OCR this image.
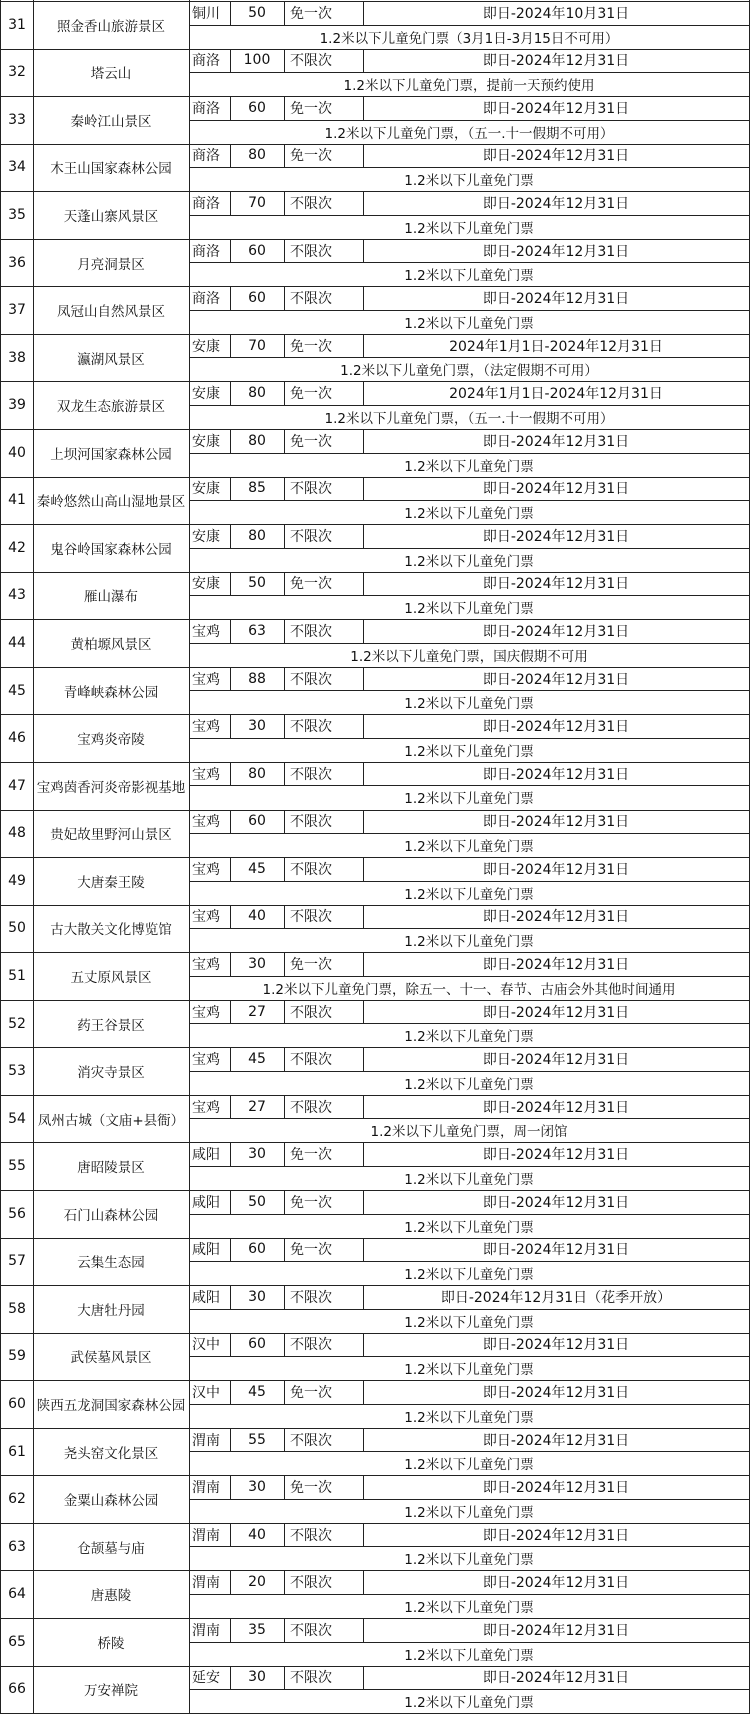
31	照金香山旅游景区
铜川	50	免一次	即日-2024年10月31日
1.2米以下儿童免门票（3月1日-3月15日不可用）
32	塔云山
商洛	100	不限次	即日-2024年12月31日
1.2米以下儿童免门票，提前一天预约使用
33	秦岭江山景区
商洛	60	免一次	即日-2024年12月31日
1.2米以下儿童免门票，（五一.十一假期不可用）
34	木王山国家森林公园
商洛	80	免一次	即日-2024年12月31日
1.2米以下儿童免门票
35	天蓬山寨风景区
商洛	70	不限次	即日-2024年12月31日
1.2米以下儿童免门票
36	月亮洞景区
商洛	60	不限次	即日-2024年12月31日
1.2米以下儿童免门票
37	凤冠山自然风景区
商洛	60	不限次	即日-2024年12月31日
1.2米以下儿童免门票
38	瀛湖风景区
安康	70	免一次	2024年1月1日-2024年12月31日
1.2米以下儿童免门票，（法定假期不可用）
39	双龙生态旅游景区
安康	80	免一次	2024年1月1日-2024年12月31日
1.2米以下儿童免门票，（五一.十一假期不可用）
40	上坝河国家森林公园
安康	80	免一次	即日-2024年12月31日
1.2米以下儿童免门票
41 秦岭悠然山高山湿地景区
安康	85	不限次	即日-2024年12月31日
1.2米以下儿童免门票
42	鬼谷岭国家森林公园
安康	80	不限次	即日-2024年12月31日
1.2米以下儿童免门票
43	雁山瀑布
安康	50	免一次	即日-2024年12月31日
1.2米以下儿童免门票
44	黄柏塬风景区
宝鸡	63	不限次	即日-2024年12月31日
1.2米以下儿童免门票，国庆假期不可用
45	青峰峡森林公园
宝鸡	88	不限次	即日-2024年12月31日
1.2米以下儿童免门票
46	宝鸡炎帝陵
宝鸡	30	不限次	即日-2024年12月31日
1.2米以下儿童免门票
47 宝鸡茵香河炎帝影视基地
宝鸡	80	不限次	即日-2024年12月31日
1.2米以下儿童免门票
48	贵妃故里野河山景区
宝鸡	60	不限次	即日-2024年12月31日
1.2米以下儿童免门票
49	大唐秦王陵
宝鸡	45	不限次	即日-2024年12月31日
1.2米以下儿童免门票
50	古大散关文化博览馆
宝鸡	40	不限次	即日-2024年12月31日
1.2米以下儿童免门票
51	五丈原风景区
宝鸡	30	免一次	即日-2024年12月31日
1.2米以下儿童免门票，除五一、十一、春节、古庙会外其他时间通用
52	药王谷景区
宝鸡	27	不限次	即日-2024年12月31日
1.2米以下儿童免门票
53	消灾寺景区
宝鸡	45	不限次	即日-2024年12月31日
1.2米以下儿童免门票
54 凤州古城（文庙+县衙）
宝鸡	27	不限次	即日-2024年12月31日
1.2米以下儿童免门票，周一闭馆
55	唐昭陵景区
咸阳	30	免一次	即日-2024年12月31日
1.2米以下儿童免门票
56	石门山森林公园
咸阳	50	免一次	即日-2024年12月31日
1.2米以下儿童免门票
57	云集生态园
咸阳	60	免一次	即日-2024年12月31日
1.2米以下儿童免门票
58	大唐牡丹园
咸阳	30	不限次	即日-2024年12月31日（花季开放）
1.2米以下儿童免门票
59	武侯墓风景区
汉中	60	不限次	即日-2024年12月31日
1.2米以下儿童免门票
60 陕西五龙洞国家森林公园
汉中	45	免一次	即日-2024年12月31日
1.2米以下儿童免门票
61	尧头窑文化景区
渭南	55	不限次	即日-2024年12月31日
1.2米以下儿童免门票
62	金粟山森林公园
渭南	30	免一次	即日-2024年12月31日
1.2米以下儿童免门票
63	仓颉墓与庙
渭南	40	不限次	即日-2024年12月31日
1.2米以下儿童免门票
64	唐惠陵
渭南	20	不限次	即日-2024年12月31日
1.2米以下儿童免门票
65	桥陵
渭南	35	不限次	即日-2024年12月31日
1.2米以下儿童免门票
66	万安禅院
延安	30	不限次	即日-2024年12月31日
1.2米以下儿童免门票
